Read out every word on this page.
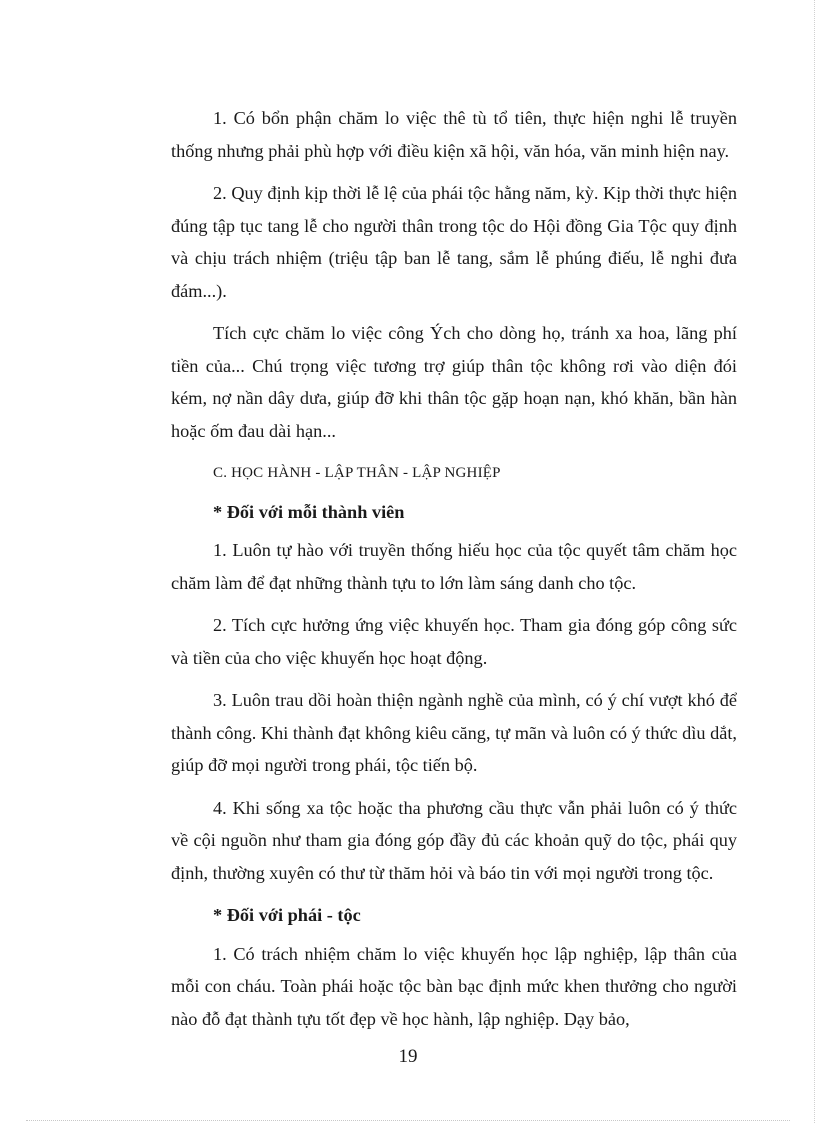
1. Có bổn phận chăm lo việc thê tù tổ tiên, thực hiện nghi lễ truyền thống nhưng phải phù hợp với điều kiện xã hội, văn hóa, văn minh hiện nay.

2. Quy định kịp thời lễ lệ của phái tộc hằng năm, kỳ. Kịp thời thực hiện đúng tập tục tang lễ cho người thân trong tộc do Hội đồng Gia Tộc quy định và chịu trách nhiệm (triệu tập ban lễ tang, sắm lễ phúng điếu, lễ nghi đưa đám...).

Tích cực chăm lo việc công Ých cho dòng họ, tránh xa hoa, lãng phí tiền của... Chú trọng việc tương trợ giúp thân tộc không rơi vào diện đói kém, nợ nần dây dưa, giúp đỡ khi thân tộc gặp hoạn nạn, khó khăn, bần hàn hoặc ốm đau dài hạn...

C. HỌC HÀNH - LẬP THÂN - LẬP NGHIỆP

* Đối với mỗi thành viên

1. Luôn tự hào với truyền thống hiếu học của tộc quyết tâm chăm học chăm làm để đạt những thành tựu to lớn làm sáng danh cho tộc.

2. Tích cực hưởng ứng việc khuyến học. Tham gia đóng góp công sức và tiền của cho việc khuyến học hoạt động.

3. Luôn trau dồi hoàn thiện ngành nghề của mình, có ý chí vượt khó để thành công. Khi thành đạt không kiêu căng, tự mãn và luôn có ý thức dìu dắt, giúp đỡ mọi người trong phái, tộc tiến bộ.

4. Khi sống xa tộc hoặc tha phương cầu thực vẫn phải luôn có ý thức về cội nguồn như tham gia đóng góp đầy đủ các khoản quỹ do tộc, phái quy định, thường xuyên có thư từ thăm hỏi và báo tin với mọi người trong tộc.

* Đối với phái - tộc

1. Có trách nhiệm chăm lo việc khuyến học lập nghiệp, lập thân của mỗi con cháu. Toàn phái hoặc tộc bàn bạc định mức khen thưởng cho người nào đỗ đạt thành tựu tốt đẹp về học hành, lập nghiệp. Dạy bảo,

19
